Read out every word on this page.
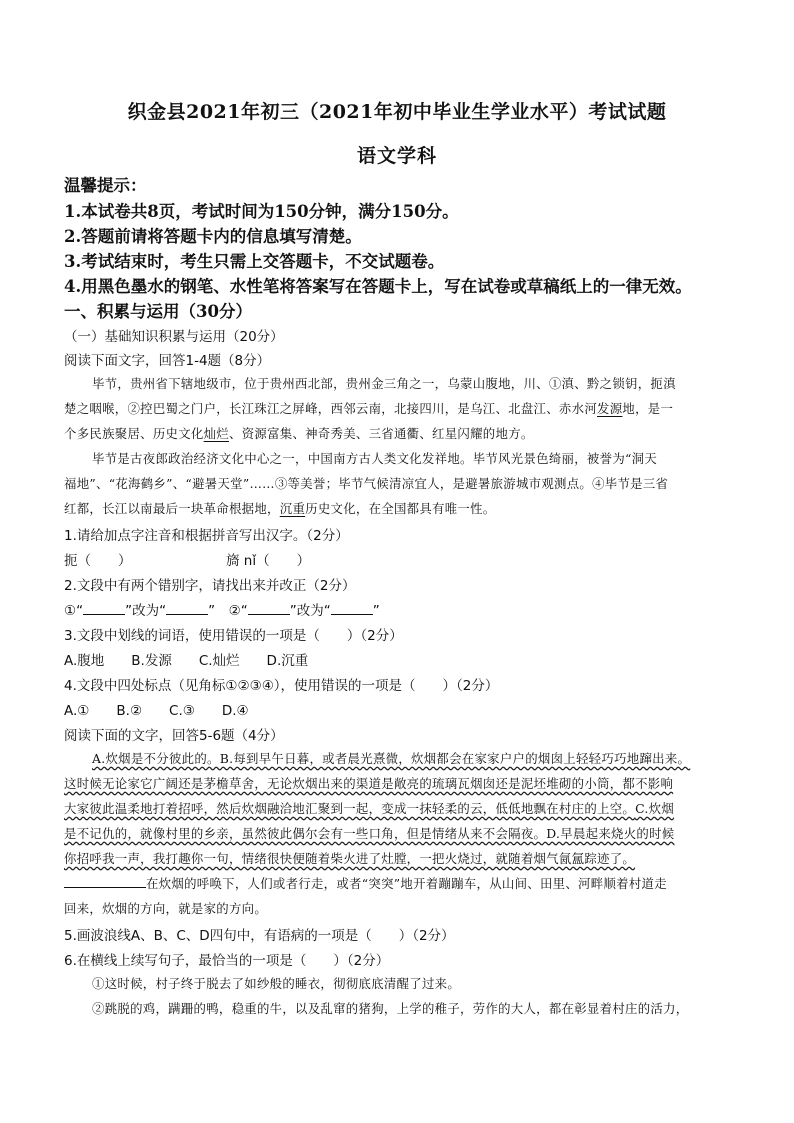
织金县2021年初三（2021年初中毕业生学业水平）考试试题
语文学科
温馨提示：
1.本试卷共8页，考试时间为150分钟，满分150分。
2.答题前请将答题卡内的信息填写清楚。
3.考试结束时，考生只需上交答题卡，不交试题卷。
4.用黑色墨水的钢笔、水性笔将答案写在答题卡上，写在试卷或草稿纸上的一律无效。
一、积累与运用（30分）
（一）基础知识积累与运用（20分）
阅读下面文字，回答1-4题（8分）
毕节，贵州省下辖地级市，位于贵州西北部，贵州金三角之一，乌蒙山腹地，川、①滇、黔之锁钥，扼滇
楚之咽喉，②控巴蜀之门户，长江珠江之屏峰，西邻云南，北接四川，是乌江、北盘江、赤水河发源地，是一
个多民族聚居、历史文化灿烂、资源富集、神奇秀美、三省通衢、红星闪耀的地方。
毕节是古夜郎政治经济文化中心之一，中国南方古人类文化发祥地。毕节风光景色绮丽，被誉为“洞天
福地”、“花海鹤乡”、“避暑天堂”……③等美誉；毕节气候清凉宜人，是避暑旅游城市观测点。④毕节是三省
红都，长江以南最后一块革命根据地，沉重历史文化，在全国都具有唯一性。
1.请给加点字注音和根据拼音写出汉字。（2分）
扼（　　）	旖 nǐ（　　）
2.文段中有两个错别字，请找出来并改正（2分）
①“	”改为“	”　②“	”改为“	”
3.文段中划线的词语，使用错误的一项是（　　）（2分）
A.腹地　　B.发源　　C.灿烂　　D.沉重
4.文段中四处标点（见角标①②③④），使用错误的一项是（　　）（2分）
A.①　　B.②　　C.③　　D.④
阅读下面的文字，回答5-6题（4分）
A.炊烟是不分彼此的。B.每到早午日暮，或者晨光熹微，炊烟都会在家家户户的烟囱上轻轻巧巧地蹿出来。
这时候无论家它广阔还是茅檐草舍，无论炊烟出来的渠道是敞亮的琉璃瓦烟囱还是泥坯堆砌的小筒，都不影响
大家彼此温柔地打着招呼，然后炊烟融洽地汇聚到一起，变成一抹轻柔的云，低低地飘在村庄的上空。C.炊烟
是不记仇的，就像村里的乡亲，虽然彼此偶尔会有一些口角，但是情绪从来不会隔夜。D.早晨起来烧火的时候
你招呼我一声，我打趣你一句，情绪很快便随着柴火进了灶膛，一把火烧过，就随着烟气氤氲踪迹了。
在炊烟的呼唤下，人们或者行走，或者“突突”地开着蹦蹦车，从山间、田里、河畔顺着村道走
回来，炊烟的方向，就是家的方向。
5.画波浪线A、B、C、D四句中，有语病的一项是（　　）（2分）
6.在横线上续写句子，最恰当的一项是（　　）（2分）
①这时候，村子终于脱去了如纱般的睡衣，彻彻底底清醒了过来。
②跳脱的鸡，蹒跚的鸭，稳重的牛，以及乱窜的猪狗，上学的稚子，劳作的大人，都在彰显着村庄的活力，
